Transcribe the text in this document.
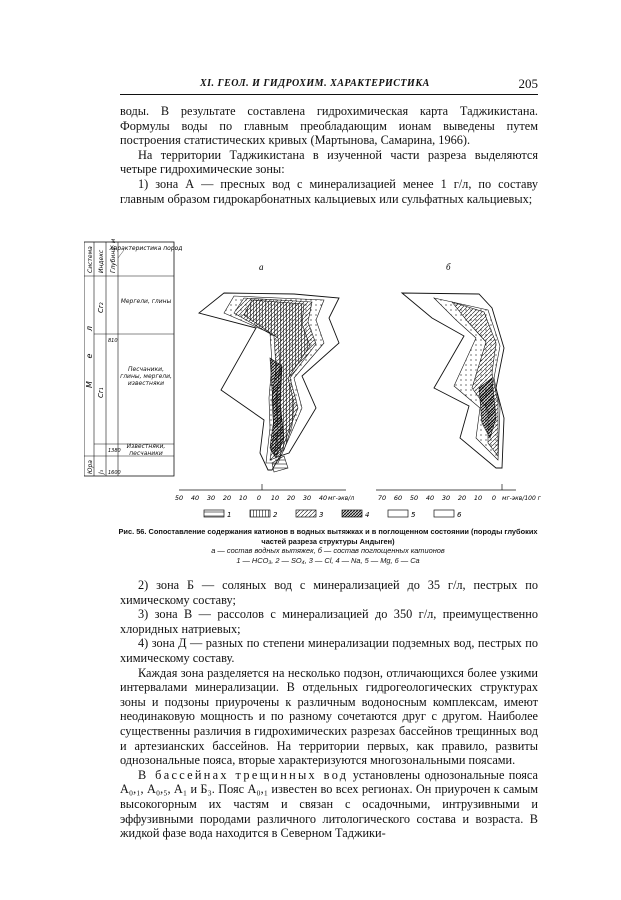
XI. ГЕОЛ. И ГИДРОХИМ. ХАРАКТЕРИСТИКА	205

воды. В результате составлена гидрохимическая карта Таджикистана. Формулы воды по главным преобладающим ионам выведены путем построения статистических кривых (Мартынова, Самарина, 1966).

На территории Таджикистана в изученной части разреза выделяются четыре гидрохимические зоны:

1) зона А — пресных вод с минерализацией менее 1 г/л, по составу главным образом гидрокарбонатных кальциевых или сульфатных кальциевых;

Система Индекс Глубина, м
Характеристика пород
М е л
Юра
Cr₂
Cr₁
J₃
810
1380
1600
Мергели, глины
Песчаники, глины, мергели, известняки
Известняки, песчаники
а	б
50 40 30 20 10 0 10 20 30 40	70 60 50 40 30 20 10 0
мг-экв/л	мг-экв/100 г
1	2	3	4	5	6
Рис. 56. Сопоставление содержания катионов в водных вытяжках и в поглощенном состоянии (породы глубоких частей разреза структуры Андыген)
а — состав водных вытяжек, б — состав поглощенных катионов
1 — HCO₃, 2 — SO₄, 3 — Cl, 4 — Na, 5 — Mg, 6 — Ca

2) зона Б — соляных вод с минерализацией до 35 г/л, пестрых по химическому составу;

3) зона В — рассолов с минерализацией до 350 г/л, преимущественно хлоридных натриевых;

4) зона Д — разных по степени минерализации подземных вод, пестрых по химическому составу.

Каждая зона разделяется на несколько подзон, отличающихся более узкими интервалами минерализации. В отдельных гидрогеологических структурах зоны и подзоны приурочены к различным водоносным комплексам, имеют неодинаковую мощность и по разному сочетаются друг с другом. Наиболее существенны различия в гидрохимических разрезах бассейнов трещинных вод и артезианских бассейнов. На территории первых, как правило, развиты однозональные пояса, вторые характеризуются многозональными поясами.

В бассейнах трещинных вод установлены однозональные пояса А₀,₁, А₀,₅, А₁ и Б₃. Пояс А₀,₁ известен во всех регионах. Он приурочен к самым высокогорным их частям и связан с осадочными, интрузивными и эффузивными породами различного литологического состава и возраста. В жидкой фазе вода находится в Северном Таджики-
